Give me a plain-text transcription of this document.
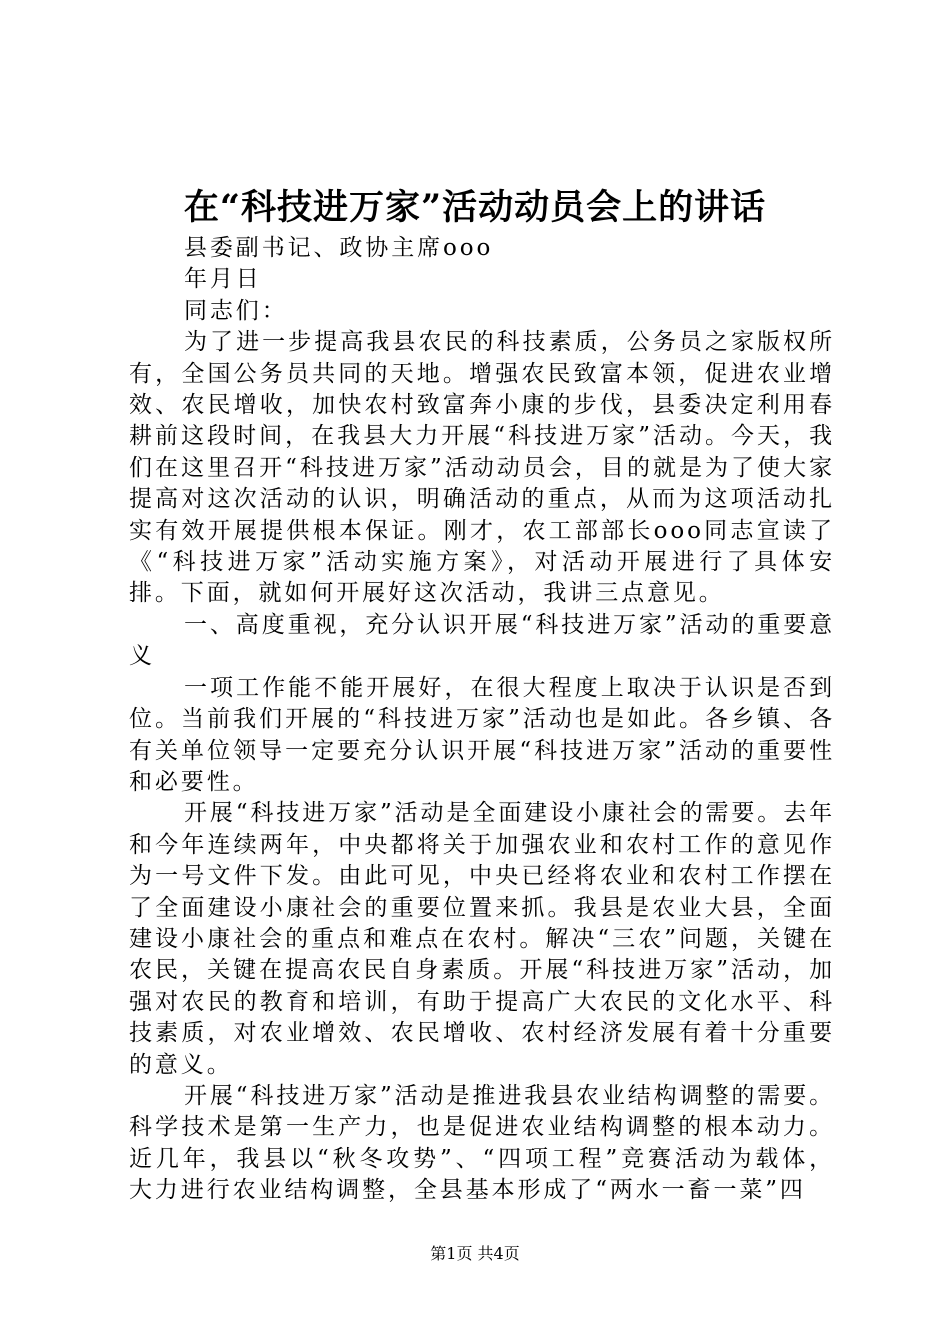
在“科技进万家”活动动员会上的讲话

县委副书记、政协主席ooo

年月日

同志们：

为了进一步提高我县农民的科技素质，公务员之家版权所有，全国公务员共同的天地。增强农民致富本领，促进农业增效、农民增收，加快农村致富奔小康的步伐，县委决定利用春耕前这段时间，在我县大力开展“科技进万家”活动。今天，我们在这里召开“科技进万家”活动动员会，目的就是为了使大家提高对这次活动的认识，明确活动的重点，从而为这项活动扎实有效开展提供根本保证。刚才，农工部部长ooo同志宣读了《“科技进万家”活动实施方案》，对活动开展进行了具体安排。下面，就如何开展好这次活动，我讲三点意见。

一、高度重视，充分认识开展“科技进万家”活动的重要意义

一项工作能不能开展好，在很大程度上取决于认识是否到位。当前我们开展的“科技进万家”活动也是如此。各乡镇、各有关单位领导一定要充分认识开展“科技进万家”活动的重要性和必要性。

开展“科技进万家”活动是全面建设小康社会的需要。去年和今年连续两年，中央都将关于加强农业和农村工作的意见作为一号文件下发。由此可见，中央已经将农业和农村工作摆在了全面建设小康社会的重要位置来抓。我县是农业大县，全面建设小康社会的重点和难点在农村。解决“三农”问题，关键在农民，关键在提高农民自身素质。开展“科技进万家”活动，加强对农民的教育和培训，有助于提高广大农民的文化水平、科技素质，对农业增效、农民增收、农村经济发展有着十分重要的意义。

开展“科技进万家”活动是推进我县农业结构调整的需要。科学技术是第一生产力，也是促进农业结构调整的根本动力。近几年，我县以“秋冬攻势”、“四项工程”竞赛活动为载体，大力进行农业结构调整，全县基本形成了“两水一畜一菜”四

第1页 共4页
